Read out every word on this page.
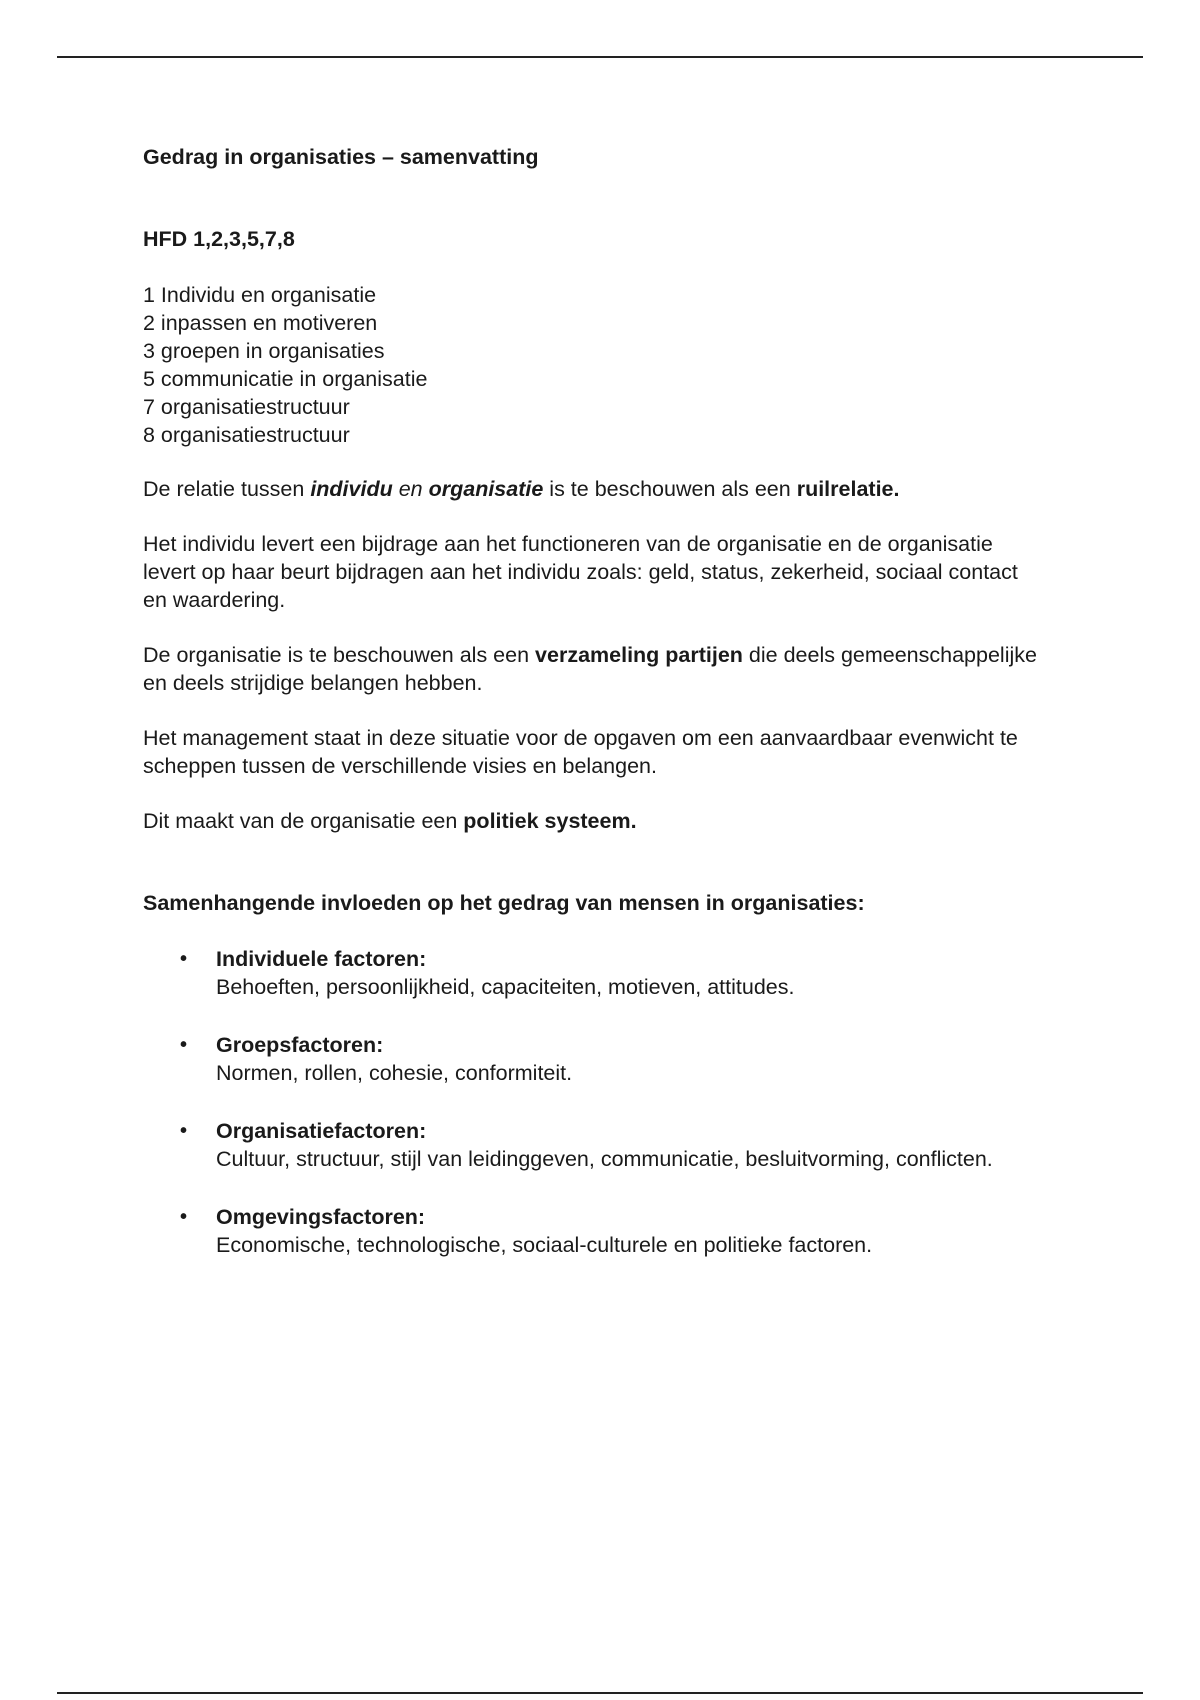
Gedrag in organisaties – samenvatting

HFD 1,2,3,5,7,8

1 Individu en organisatie
2 inpassen en motiveren
3 groepen in organisaties
5 communicatie in organisatie
7 organisatiestructuur
8 organisatiestructuur

De relatie tussen individu en organisatie is te beschouwen als een ruilrelatie.

Het individu levert een bijdrage aan het functioneren van de organisatie en de organisatie levert op haar beurt bijdragen aan het individu zoals: geld, status, zekerheid, sociaal contact en waardering.

De organisatie is te beschouwen als een verzameling partijen die deels gemeenschappelijke en deels strijdige belangen hebben.

Het management staat in deze situatie voor de opgaven om een aanvaardbaar evenwicht te scheppen tussen de verschillende visies en belangen.

Dit maakt van de organisatie een politiek systeem.

Samenhangende invloeden op het gedrag van mensen in organisaties:

• Individuele factoren:
Behoeften, persoonlijkheid, capaciteiten, motieven, attitudes.
• Groepsfactoren:
Normen, rollen, cohesie, conformiteit.
• Organisatiefactoren:
Cultuur, structuur, stijl van leidinggeven, communicatie, besluitvorming, conflicten.
• Omgevingsfactoren:
Economische, technologische, sociaal-culturele en politieke factoren.
